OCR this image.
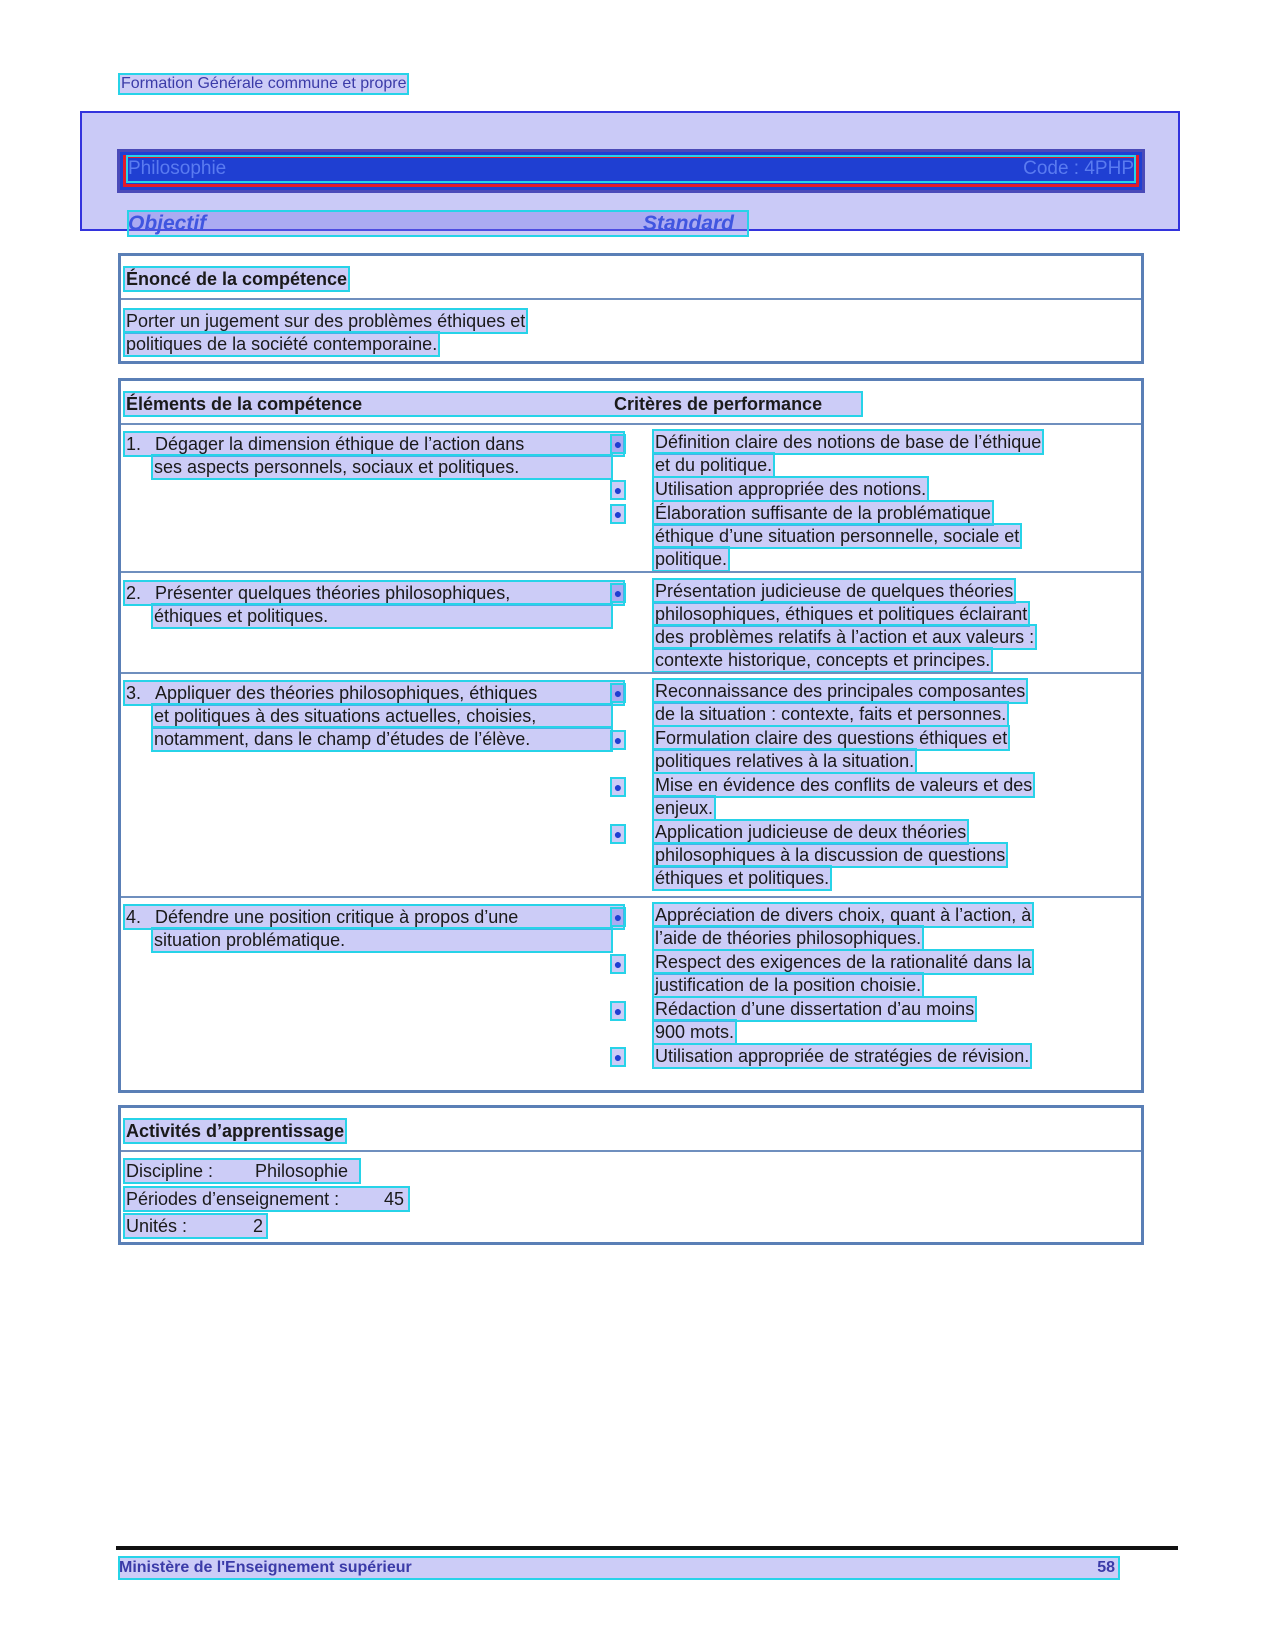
Formation Générale commune et propre
Philosophie	Code : 4PHP
Objectif	Standard
Énoncé de la compétence
Porter un jugement sur des problèmes éthiques et
politiques de la société contemporaine.
Éléments de la compétence	Critères de performance
1. Dégager la dimension éthique de l’action dans
ses aspects personnels, sociaux et politiques.
● Définition claire des notions de base de l’éthique
et du politique.
● Utilisation appropriée des notions.
● Élaboration suffisante de la problématique
éthique d’une situation personnelle, sociale et
politique.
2. Présenter quelques théories philosophiques,
éthiques et politiques.
● Présentation judicieuse de quelques théories
philosophiques, éthiques et politiques éclairant
des problèmes relatifs à l’action et aux valeurs :
contexte historique, concepts et principes.
3. Appliquer des théories philosophiques, éthiques
et politiques à des situations actuelles, choisies,
notamment, dans le champ d’études de l’élève.
● Reconnaissance des principales composantes
de la situation : contexte, faits et personnes.
● Formulation claire des questions éthiques et
politiques relatives à la situation.
● Mise en évidence des conflits de valeurs et des
enjeux.
● Application judicieuse de deux théories
philosophiques à la discussion de questions
éthiques et politiques.
4. Défendre une position critique à propos d’une
situation problématique.
● Appréciation de divers choix, quant à l’action, à
l’aide de théories philosophiques.
● Respect des exigences de la rationalité dans la
justification de la position choisie.
● Rédaction d’une dissertation d’au moins
900 mots.
● Utilisation appropriée de stratégies de révision.
Activités d’apprentissage
Discipline : Philosophie
Périodes d’enseignement : 45
Unités :	2
Ministère de l'Enseignement supérieur	58
